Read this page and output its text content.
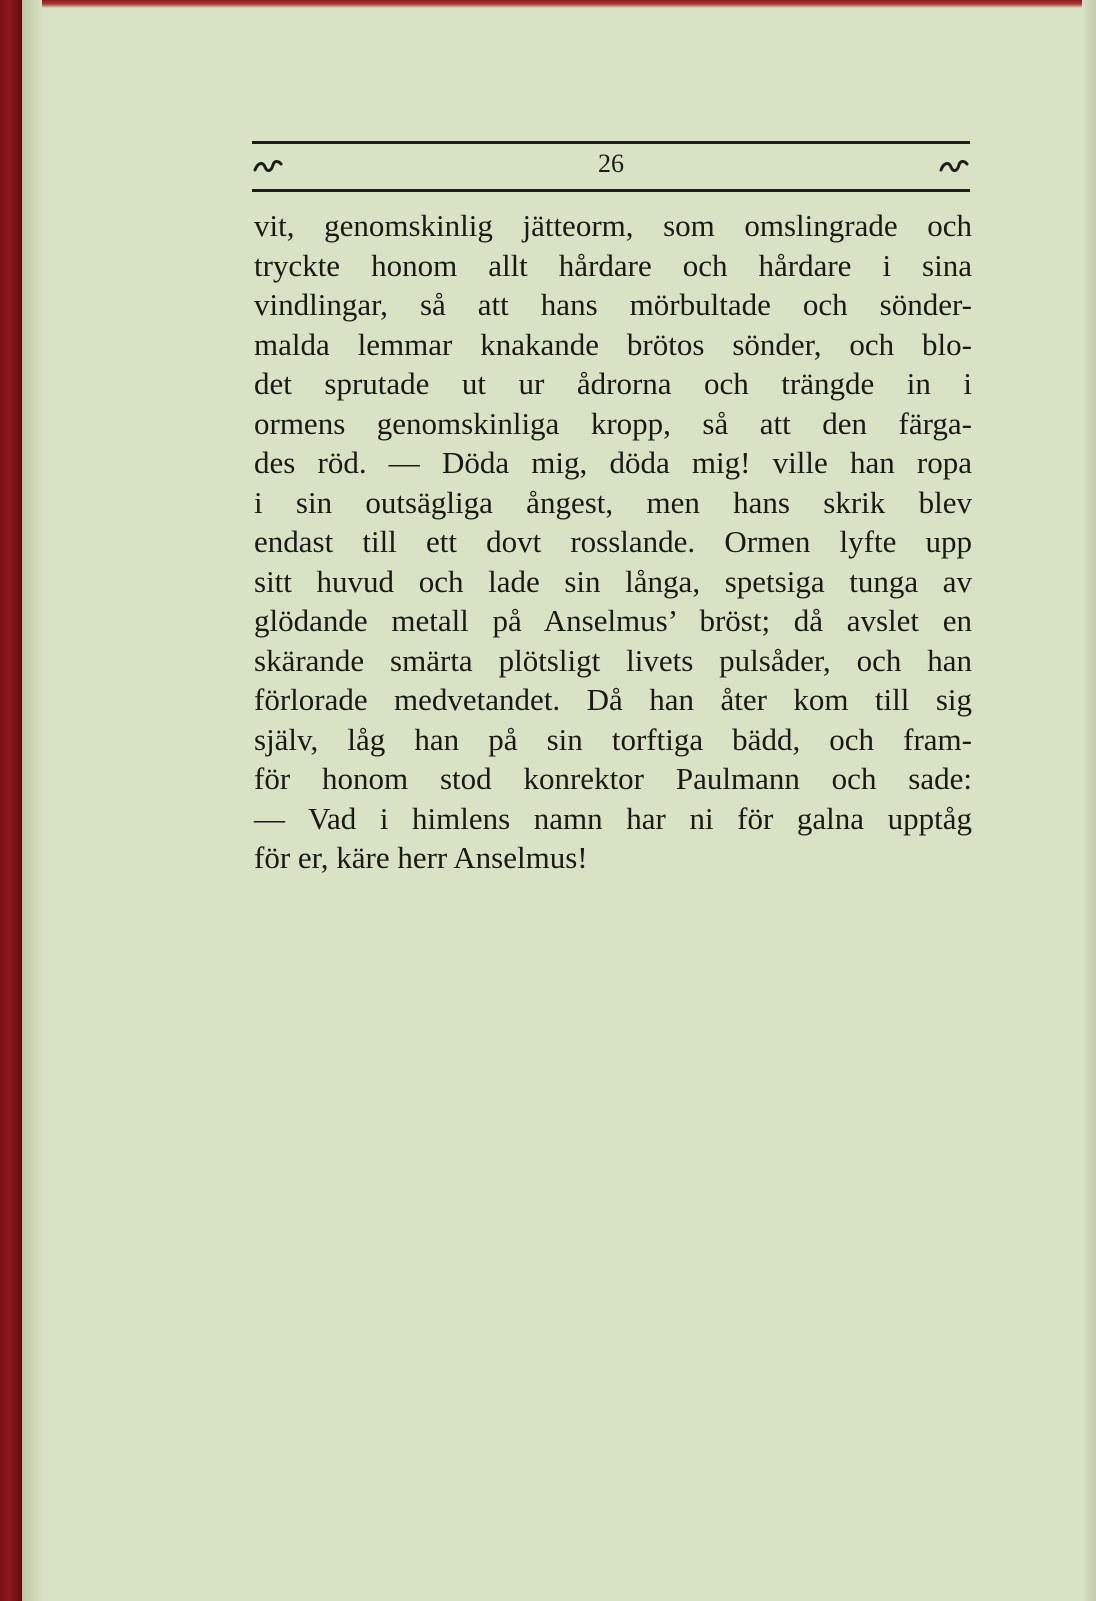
26
vit, genomskinlig jätteorm, som omslingrade och
tryckte honom allt hårdare och hårdare i sina
vindlingar, så att hans mörbultade och sönder-
malda lemmar knakande brötos sönder, och blo-
det sprutade ut ur ådrorna och trängde in i
ormens genomskinliga kropp, så att den färga-
des röd. — Döda mig, döda mig! ville han ropa
i sin outsägliga ångest, men hans skrik blev
endast till ett dovt rosslande. Ormen lyfte upp
sitt huvud och lade sin långa, spetsiga tunga av
glödande metall på Anselmus’ bröst; då avslet en
skärande smärta plötsligt livets pulsåder, och han
förlorade medvetandet. Då han åter kom till sig
själv, låg han på sin torftiga bädd, och fram-
för honom stod konrektor Paulmann och sade:
— Vad i himlens namn har ni för galna upptåg
för er, käre herr Anselmus!
